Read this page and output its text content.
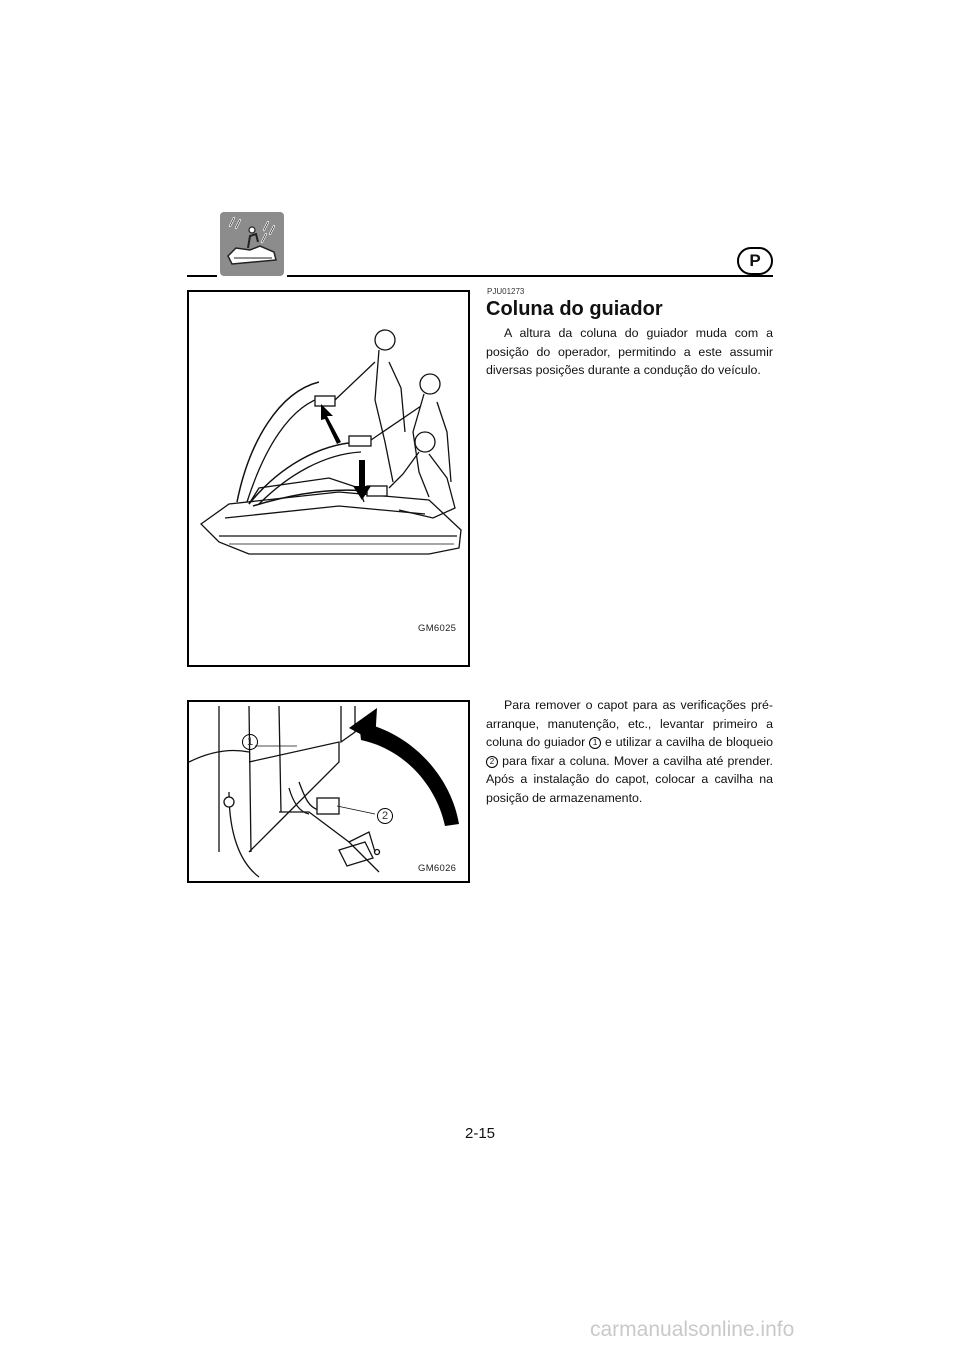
P
GM6025
1
2
GM6026
PJU01273
Coluna do guiador
A altura da coluna do guiador muda com a posição do operador, permitindo a este assumir diversas posições durante a condução do veículo.
Para remover o capot para as verificações pré-arranque, manutenção, etc., levantar primeiro a coluna do guiador 1 e utilizar a cavilha de bloqueio 2 para fixar a coluna. Mover a cavilha até prender. Após a instalação do capot, colocar a cavilha na posição de armazenamento.
2-15
carmanualsonline.info
